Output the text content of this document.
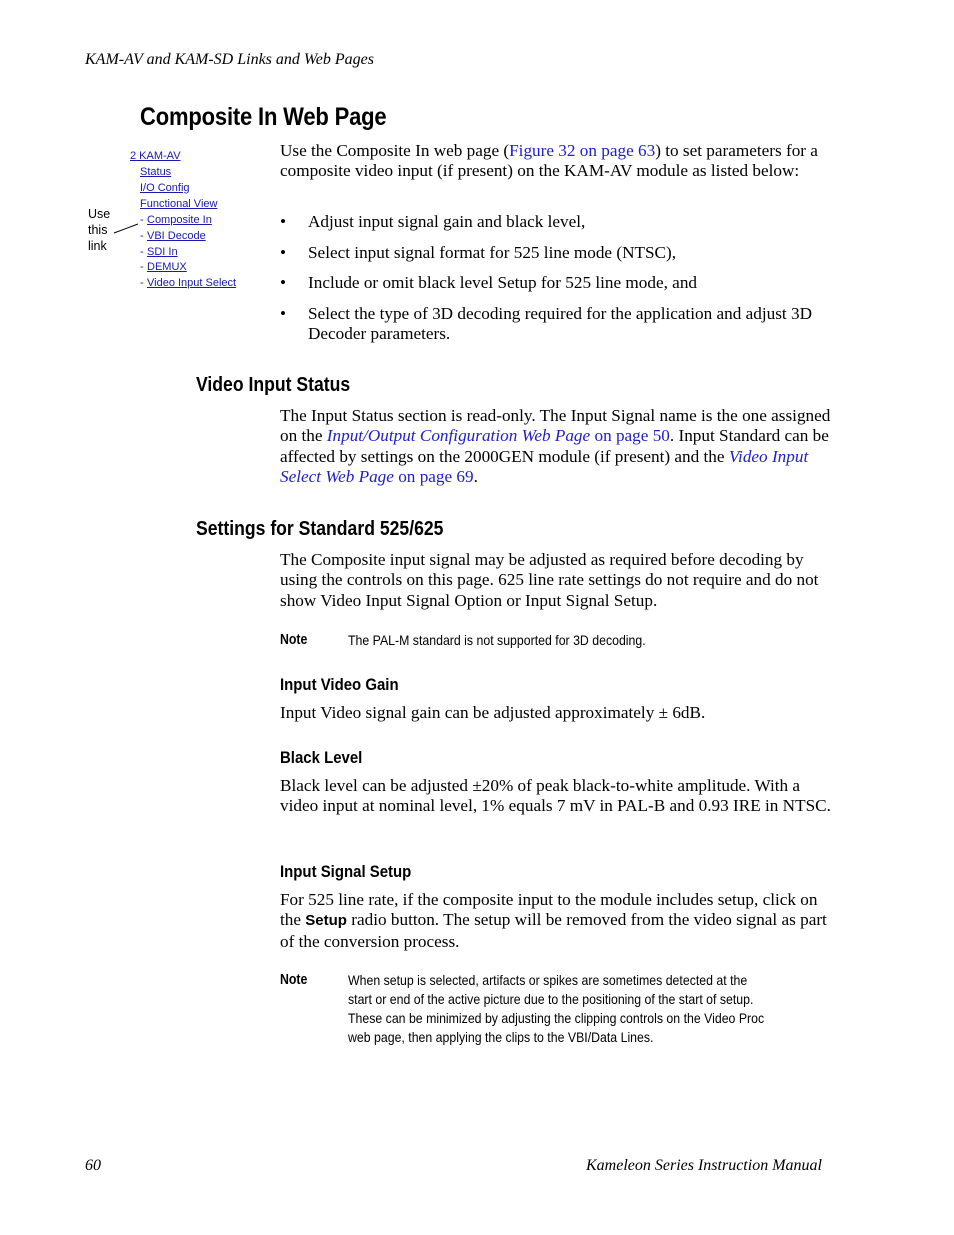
KAM-AV and KAM-SD Links and Web Pages
Composite In Web Page
2 KAM-AV
Status
I/O Config
Functional View
- Composite In
- VBI Decode
- SDI In
- DEMUX
- Video Input Select
Use
this
link

Use the Composite In web page (Figure 32 on page 63) to set parameters for a composite video input (if present) on the KAM-AV module as listed below:

• Adjust input signal gain and black level,
• Select input signal format for 525 line mode (NTSC),
• Include or omit black level Setup for 525 line mode, and
• Select the type of 3D decoding required for the application and adjust 3D Decoder parameters.
Video Input Status

The Input Status section is read-only. The Input Signal name is the one assigned on the Input/Output Configuration Web Page on page 50. Input Standard can be affected by settings on the 2000GEN module (if present) and the Video Input Select Web Page on page 69.

Settings for Standard 525/625

The Composite input signal may be adjusted as required before decoding by using the controls on this page. 625 line rate settings do not require and do not show Video Input Signal Option or Input Signal Setup.

Note	The PAL-M standard is not supported for 3D decoding.

Input Video Gain

Input Video signal gain can be adjusted approximately ± 6dB.

Black Level

Black level can be adjusted ±20% of peak black-to-white amplitude. With a video input at nominal level, 1% equals 7 mV in PAL-B and 0.93 IRE in NTSC.

Input Signal Setup

For 525 line rate, if the composite input to the module includes setup, click on the Setup radio button. The setup will be removed from the video signal as part of the conversion process.

Note	When setup is selected, artifacts or spikes are sometimes detected at the

start or end of the active picture due to the positioning of the start of setup.

These can be minimized by adjusting the clipping controls on the Video Proc

web page, then applying the clips to the VBI/Data Lines.

60	Kameleon Series Instruction Manual
